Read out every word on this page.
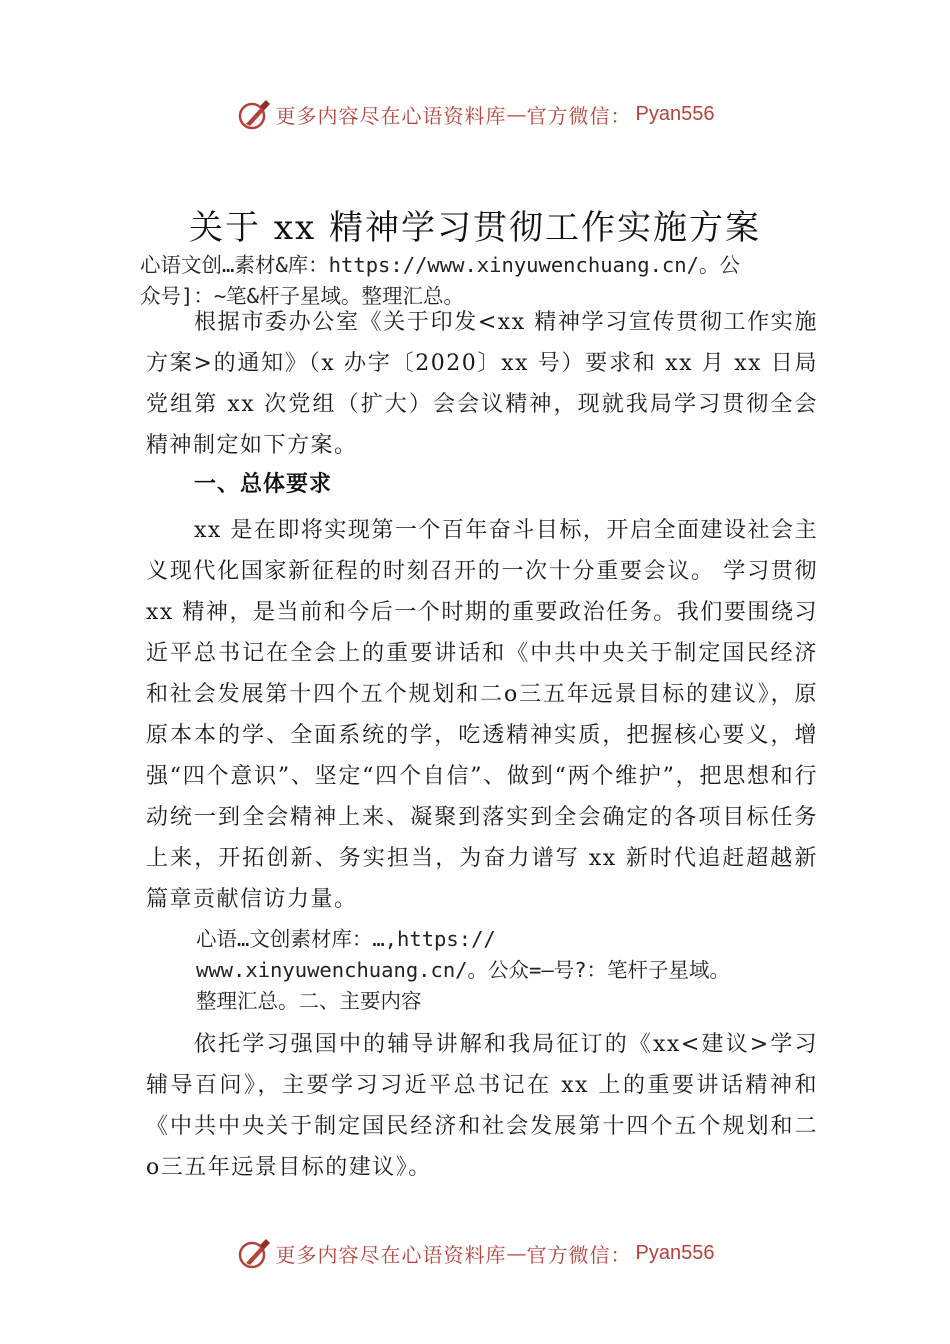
更多内容尽在心语资料库 — 官方微信： Pyan556
关于 xx 精神学习贯彻工作实施方案
心语文创…素材&库：https://www.xinyuwenchuang.cn/。公
众号]：~笔&杆子星域。整理汇总。

根据市委办公室《关于印发<xx 精神学习宣传贯彻工作实施方案>的通知》（x 办字〔2020〕xx 号）要求和 xx 月 xx 日局党组第 xx 次党组（扩大）会会议精神，现就我局学习贯彻全会精神制定如下方案。

一、总体要求

xx 是在即将实现第一个百年奋斗目标，开启全面建设社会主义现代化国家新征程的时刻召开的一次十分重要会议。 学习贯彻 xx 精神，是当前和今后一个时期的重要政治任务。我们要围绕习近平总书记在全会上的重要讲话和《中共中央关于制定国民经济和社会发展第十四个五个规划和二o三五年远景目标的建议》，原原本本的学、全面系统的学，吃透精神实质，把握核心要义，增强“四个意识”、坚定“四个自信”、做到“两个维护”，把思想和行动统一到全会精神上来、凝聚到落实到全会确定的各项目标任务上来，开拓创新、务实担当，为奋力谱写 xx 新时代追赶超越新篇章贡献信访力量。

心语…文创素材库：…,https://
www.xinyuwenchuang.cn/。公众=—号?：笔杆子星域。
整理汇总。二、主要内容

依托学习强国中的辅导讲解和我局征订的《xx<建议>学习辅导百问》，主要学习习近平总书记在 xx 上的重要讲话精神和《中共中央关于制定国民经济和社会发展第十四个五个规划和二o三五年远景目标的建议》。

更多内容尽在心语资料库 — 官方微信： Pyan556
